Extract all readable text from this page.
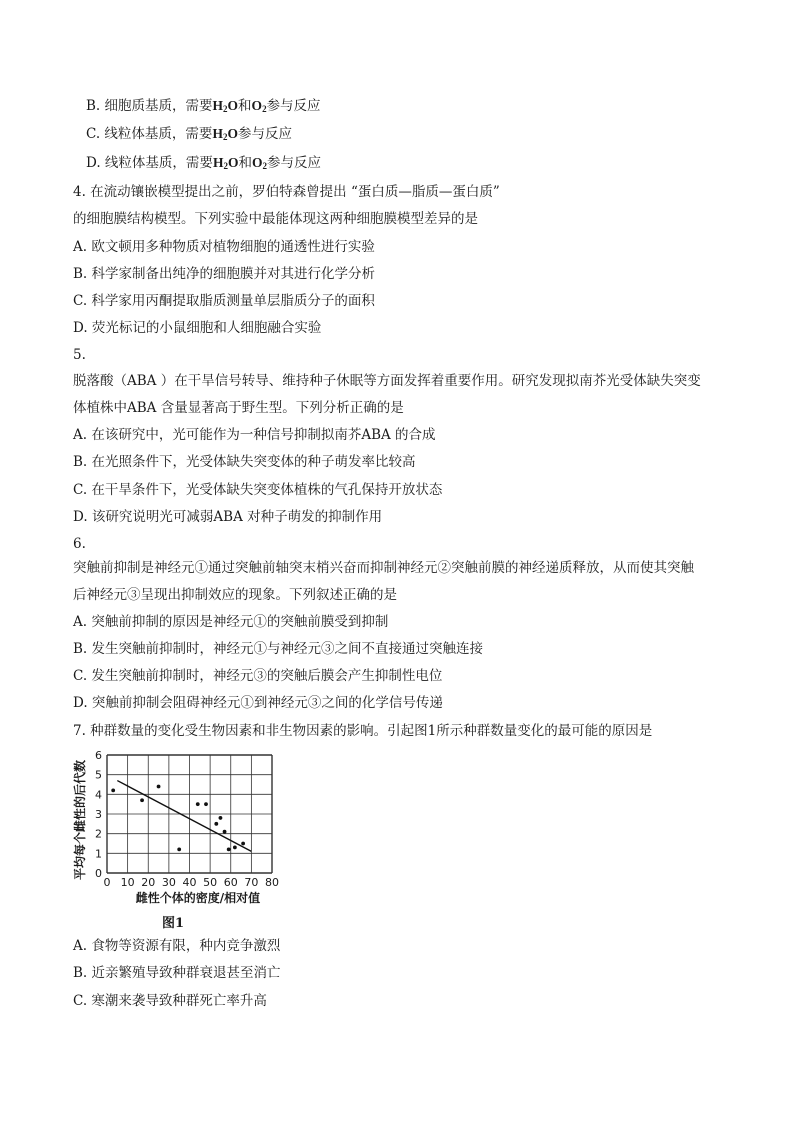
B. 细胞质基质，需要$H_2O$和$O_2$参与反应
C. 线粒体基质，需要$H_2O$参与反应
D. 线粒体基质，需要$H_2O$和$O_2$参与反应
4. 在流动镶嵌模型提出之前，罗伯特森曾提出 “蛋白质—脂质—蛋白质”
的细胞膜结构模型。下列实验中最能体现这两种细胞膜模型差异的是
A. 欧文顿用多种物质对植物细胞的通透性进行实验
B. 科学家制备出纯净的细胞膜并对其进行化学分析
C. 科学家用丙酮提取脂质测量单层脂质分子的面积
D. 荧光标记的小鼠细胞和人细胞融合实验
5.
脱落酸（ABA ）在干旱信号转导、维持种子休眠等方面发挥着重要作用。研究发现拟南芥光受体缺失突变
体植株中ABA 含量显著高于野生型。下列分析正确的是
A. 在该研究中，光可能作为一种信号抑制拟南芥ABA 的合成
B. 在光照条件下，光受体缺失突变体的种子萌发率比较高
C. 在干旱条件下，光受体缺失突变体植株的气孔保持开放状态
D. 该研究说明光可减弱ABA 对种子萌发的抑制作用
6.
突触前抑制是神经元①通过突触前轴突末梢兴奋而抑制神经元②突触前膜的神经递质释放，从而使其突触
后神经元③呈现出抑制效应的现象。下列叙述正确的是
A. 突触前抑制的原因是神经元①的突触前膜受到抑制
B. 发生突触前抑制时，神经元①与神经元③之间不直接通过突触连接
C. 发生突触前抑制时，神经元③的突触后膜会产生抑制性电位
D. 突触前抑制会阻碍神经元①到神经元③之间的化学信号传递
7. 种群数量的变化受生物因素和非生物因素的影响。引起图1所示种群数量变化的最可能的原因是
0 10 20 30 40 50 60 70 80
0
1
2
3
4
5
6
雌性个体的密度/相对值
平均每个雌性的后代数
图1
A. 食物等资源有限，种内竞争激烈
B. 近亲繁殖导致种群衰退甚至消亡
C. 寒潮来袭导致种群死亡率升高
